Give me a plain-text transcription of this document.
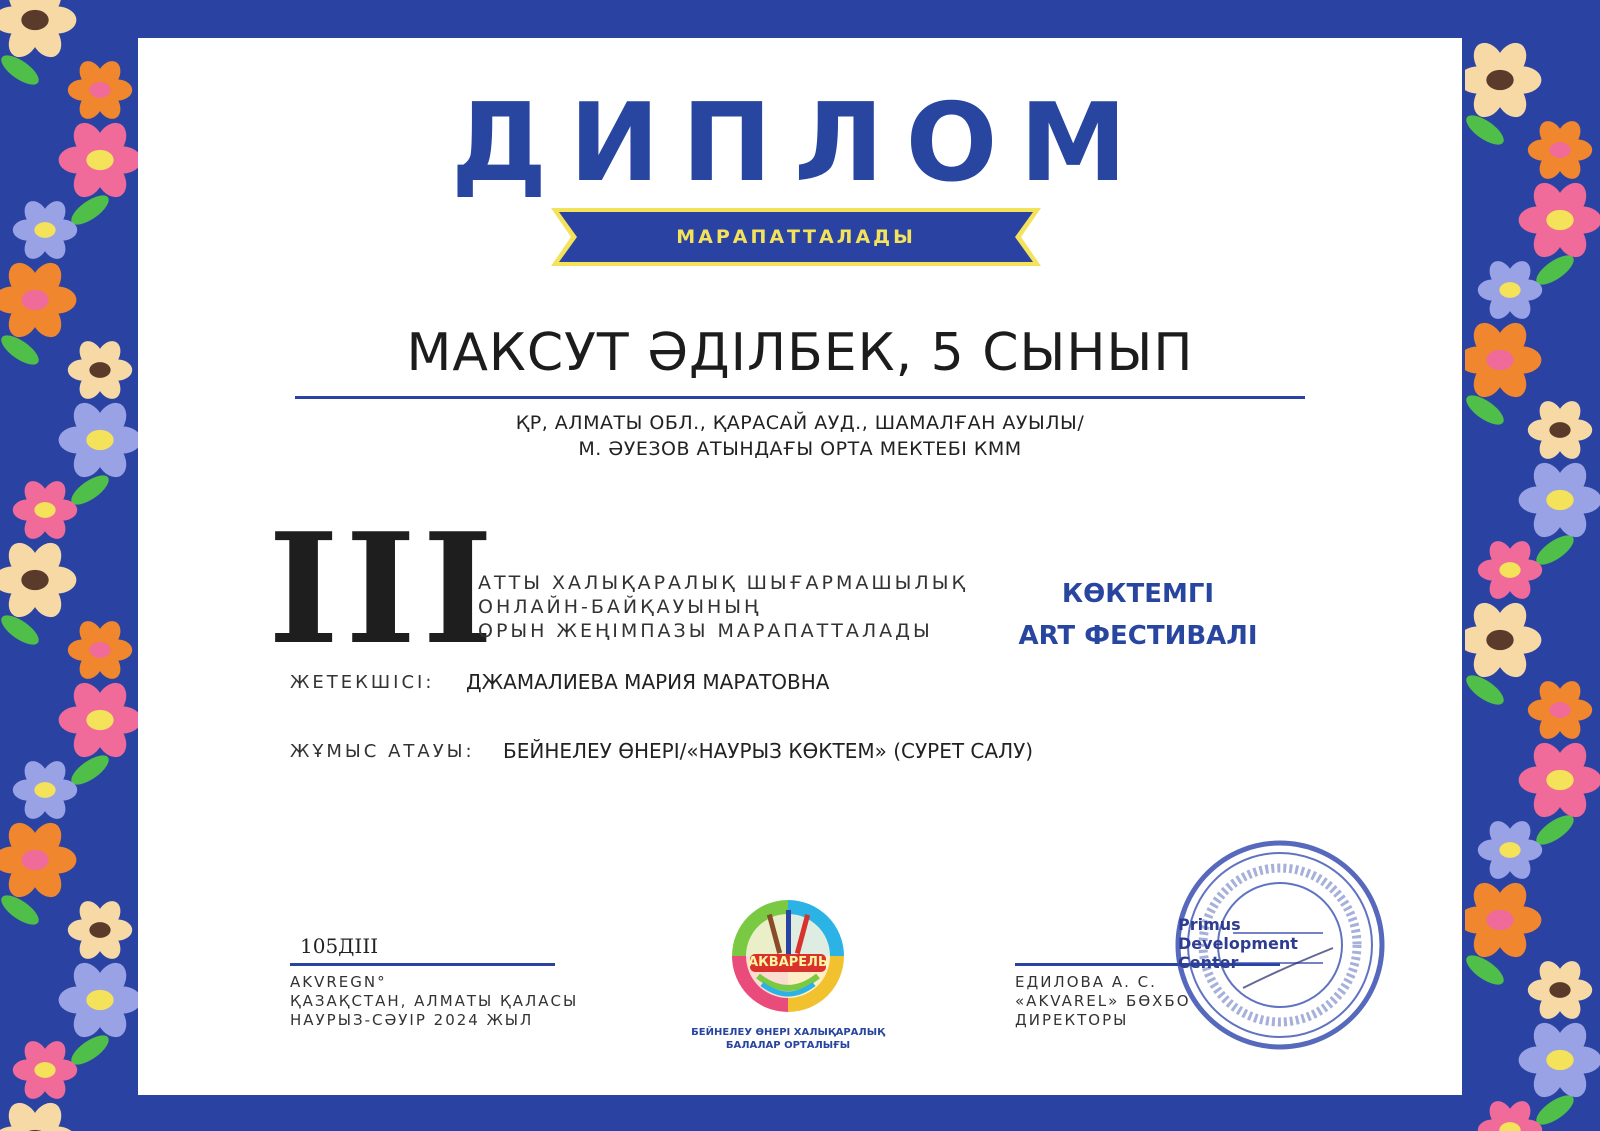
ДИПЛОМ
МАРАПАТТАЛАДЫ
МАКСУТ ӘДІЛБЕК, 5 СЫНЫП
ҚР, АЛМАТЫ ОБЛ., ҚАРАСАЙ АУД., ШАМАЛҒАН АУЫЛЫ/
М. ӘУЕЗОВ АТЫНДАҒЫ ОРТА МЕКТЕБІ КММ
III
АТТЫ ХАЛЫҚАРАЛЫҚ ШЫҒАРМАШЫЛЫҚ
ОНЛАЙН-БАЙҚАУЫНЫҢ
ОРЫН ЖЕҢІМПАЗЫ МАРАПАТТАЛАДЫ
КӨКТЕМГІ
ART ФЕСТИВАЛІ
ЖЕТЕКШІСІ: ДЖАМАЛИЕВА МАРИЯ МАРАТОВНА
ЖҰМЫС АТАУЫ: БЕЙНЕЛЕУ ӨНЕРІ/«НАУРЫЗ КӨКТЕМ» (СУРЕТ САЛУ)
105ДІІІ
AKVREGN°
ҚАЗАҚСТАН, АЛМАТЫ ҚАЛАСЫ
НАУРЫЗ-СӘУІР 2024 ЖЫЛ
АКВАРЕЛЬ
БЕЙНЕЛЕУ ӨНЕРІ ХАЛЫҚАРАЛЫҚ
БАЛАЛАР ОРТАЛЫҒЫ
ЕДИЛОВА А. С.
«AKVAREL» БӨХБО
ДИРЕКТОРЫ
Primus
Development
Center
